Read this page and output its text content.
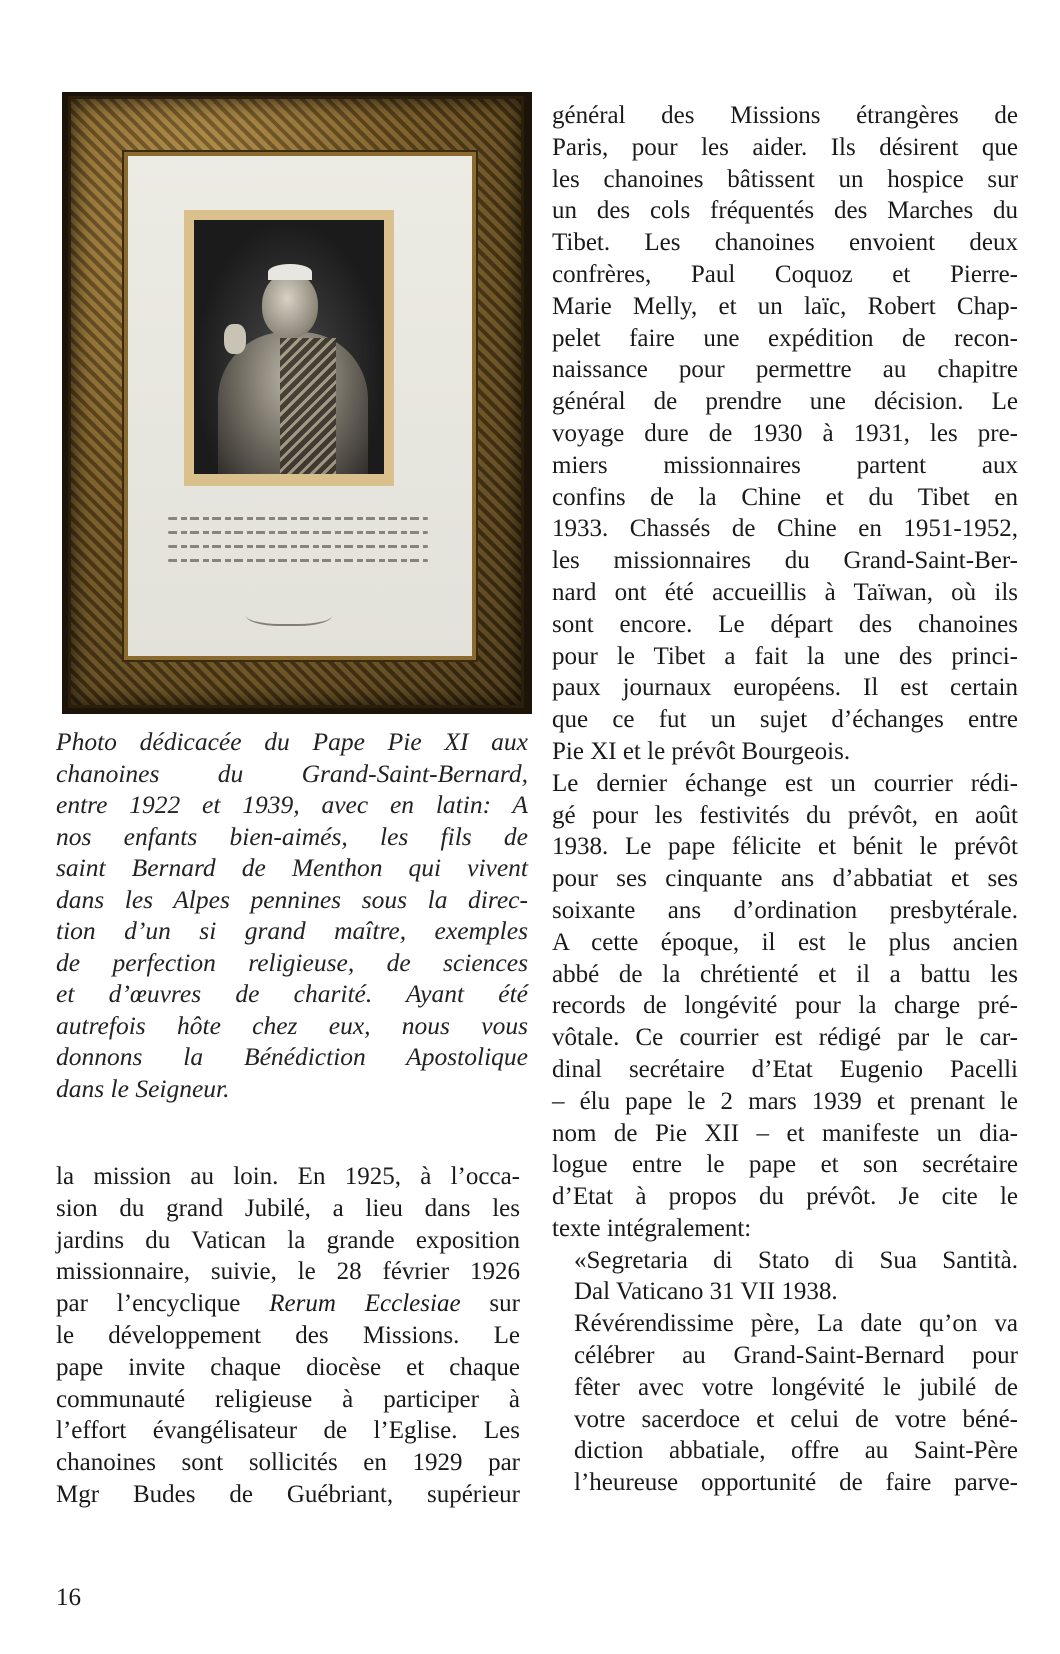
Photo dédicacée du Pape Pie XI aux
chanoines du Grand-Saint-Bernard,
entre 1922 et 1939, avec en latin: A
nos enfants bien-aimés, les fils de
saint Bernard de Menthon qui vivent
dans les Alpes pennines sous la direc-
tion d’un si grand maître, exemples
de perfection religieuse, de sciences
et d’œuvres de charité. Ayant été
autrefois hôte chez eux, nous vous
donnons la Bénédiction Apostolique
dans le Seigneur.

la mission au loin. En 1925, à l’occa-
sion du grand Jubilé, a lieu dans les
jardins du Vatican la grande exposition
missionnaire, suivie, le 28 février 1926
par l’encyclique Rerum Ecclesiae sur
le développement des Missions. Le
pape invite chaque diocèse et chaque
communauté religieuse à participer à
l’effort évangélisateur de l’Eglise. Les
chanoines sont sollicités en 1929 par
Mgr Budes de Guébriant, supérieur
général des Missions étrangères de
Paris, pour les aider. Ils désirent que
les chanoines bâtissent un hospice sur
un des cols fréquentés des Marches du
Tibet. Les chanoines envoient deux
confrères, Paul Coquoz et Pierre-
Marie Melly, et un laïc, Robert Chap-
pelet faire une expédition de recon-
naissance pour permettre au chapitre
général de prendre une décision. Le
voyage dure de 1930 à 1931, les pre-
miers missionnaires partent aux
confins de la Chine et du Tibet en
1933. Chassés de Chine en 1951-1952,
les missionnaires du Grand-Saint-Ber-
nard ont été accueillis à Taïwan, où ils
sont encore. Le départ des chanoines
pour le Tibet a fait la une des princi-
paux journaux européens. Il est certain
que ce fut un sujet d’échanges entre
Pie XI et le prévôt Bourgeois.
Le dernier échange est un courrier rédi-
gé pour les festivités du prévôt, en août
1938. Le pape félicite et bénit le prévôt
pour ses cinquante ans d’abbatiat et ses
soixante ans d’ordination presbytérale.
A cette époque, il est le plus ancien
abbé de la chrétienté et il a battu les
records de longévité pour la charge pré-
vôtale. Ce courrier est rédigé par le car-
dinal secrétaire d’Etat Eugenio Pacelli
– élu pape le 2 mars 1939 et prenant le
nom de Pie XII – et manifeste un dia-
logue entre le pape et son secrétaire
d’Etat à propos du prévôt. Je cite le
texte intégralement:
«Segretaria di Stato di Sua Santità.
Dal Vaticano 31 VII 1938.
Révérendissime père, La date qu’on va
célébrer au Grand-Saint-Bernard pour
fêter avec votre longévité le jubilé de
votre sacerdoce et celui de votre béné-
diction abbatiale, offre au Saint-Père
l’heureuse opportunité de faire parve-
16
